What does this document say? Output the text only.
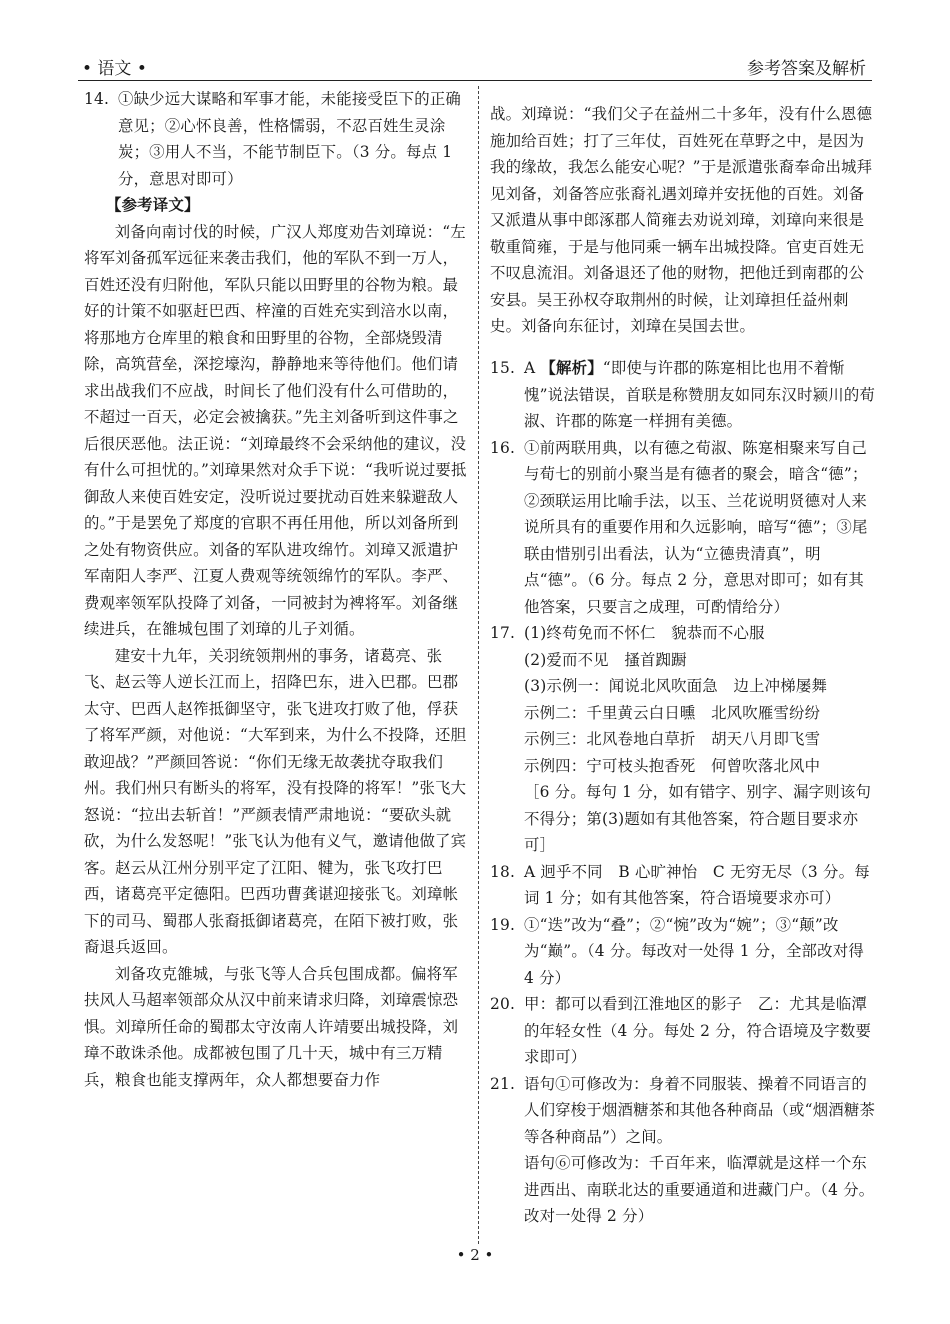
• 语文 •	参考答案及解析
14. ①缺少远大谋略和军事才能，未能接受臣下的正确意见；②心怀良善，性格懦弱，不忍百姓生灵涂炭；③用人不当，不能节制臣下。（3 分。每点 1 分，意思对即可）

【参考译文】

刘备向南讨伐的时候，广汉人郑度劝告刘璋说：“左将军刘备孤军远征来袭击我们，他的军队不到一万人，百姓还没有归附他，军队只能以田野里的谷物为粮。最好的计策不如驱赶巴西、梓潼的百姓充实到涪水以南，将那地方仓库里的粮食和田野里的谷物，全部烧毁清除，高筑营垒，深挖壕沟，静静地来等待他们。他们请求出战我们不应战，时间长了他们没有什么可借助的，不超过一百天，必定会被擒获。”先主刘备听到这件事之后很厌恶他。法正说：“刘璋最终不会采纳他的建议，没有什么可担忧的。”刘璋果然对众手下说：“我听说过要抵御敌人来使百姓安定，没听说过要扰动百姓来躲避敌人的。”于是罢免了郑度的官职不再任用他，所以刘备所到之处有物资供应。刘备的军队进攻绵竹。刘璋又派遣护军南阳人李严、江夏人费观等统领绵竹的军队。李严、费观率领军队投降了刘备，一同被封为裨将军。刘备继续进兵，在雒城包围了刘璋的儿子刘循。

建安十九年，关羽统领荆州的事务，诸葛亮、张飞、赵云等人逆长江而上，招降巴东，进入巴郡。巴郡太守、巴西人赵筰抵御坚守，张飞进攻打败了他，俘获了将军严颜，对他说：“大军到来，为什么不投降，还胆敢迎战？”严颜回答说：“你们无缘无故袭扰夺取我们州。我们州只有断头的将军，没有投降的将军！”张飞大怒说：“拉出去斩首！”严颜表情严肃地说：“要砍头就砍，为什么发怒呢！”张飞认为他有义气，邀请他做了宾客。赵云从江州分别平定了江阳、犍为，张飞攻打巴西，诸葛亮平定德阳。巴西功曹龚谌迎接张飞。刘璋帐下的司马、蜀郡人张裔抵御诸葛亮，在陌下被打败，张裔退兵返回。

刘备攻克雒城，与张飞等人合兵包围成都。偏将军扶风人马超率领部众从汉中前来请求归降，刘璋震惊恐惧。刘璋所任命的蜀郡太守汝南人许靖要出城投降，刘璋不敢诛杀他。成都被包围了几十天，城中有三万精兵，粮食也能支撑两年，众人都想要奋力作

战。刘璋说：“我们父子在益州二十多年，没有什么恩德施加给百姓；打了三年仗，百姓死在草野之中，是因为我的缘故，我怎么能安心呢？”于是派遣张裔奉命出城拜见刘备，刘备答应张裔礼遇刘璋并安抚他的百姓。刘备又派遣从事中郎涿郡人简雍去劝说刘璋，刘璋向来很是敬重简雍，于是与他同乘一辆车出城投降。官吏百姓无不叹息流泪。刘备退还了他的财物，把他迁到南郡的公安县。吴王孙权夺取荆州的时候，让刘璋担任益州刺史。刘备向东征讨，刘璋在吴国去世。

15. A 【解析】“即使与许郡的陈寔相比也用不着惭愧”说法错误，首联是称赞朋友如同东汉时颍川的荀淑、许郡的陈寔一样拥有美德。
16. ①前两联用典，以有德之荀淑、陈寔相聚来写自己与荀七的别前小聚当是有德者的聚会，暗含“德”；②颈联运用比喻手法，以玉、兰花说明贤德对人来说所具有的重要作用和久远影响，暗写“德”；③尾联由惜别引出看法，认为“立德贵清真”，明点“德”。（6 分。每点 2 分，意思对即可；如有其他答案，只要言之成理，可酌情给分）
17. (1)终苟免而不怀仁　貌恭而不心服

(2)爱而不见　搔首踟蹰

(3)示例一：闻说北风吹面急　边上冲梯屡舞

示例二：千里黄云白日曛　北风吹雁雪纷纷

示例三：北风卷地白草折　胡天八月即飞雪

示例四：宁可枝头抱香死　何曾吹落北风中

［6 分。每句 1 分，如有错字、别字、漏字则该句不得分；第(3)题如有其他答案，符合题目要求亦可］

18. A 迥乎不同　B 心旷神怡　C 无穷无尽（3 分。每词 1 分；如有其他答案，符合语境要求亦可）
19. ①“迭”改为“叠”；②“惋”改为“婉”；③“颠”改为“巅”。（4 分。每改对一处得 1 分，全部改对得 4 分）
20. 甲：都可以看到江淮地区的影子　乙：尤其是临潭的年轻女性（4 分。每处 2 分，符合语境及字数要求即可）
21. 语句①可修改为：身着不同服装、操着不同语言的人们穿梭于烟酒糖茶和其他各种商品（或“烟酒糖茶等各种商品”）之间。

语句⑥可修改为：千百年来，临潭就是这样一个东进西出、南联北达的重要通道和进藏门户。（4 分。改对一处得 2 分）

• 2 •
